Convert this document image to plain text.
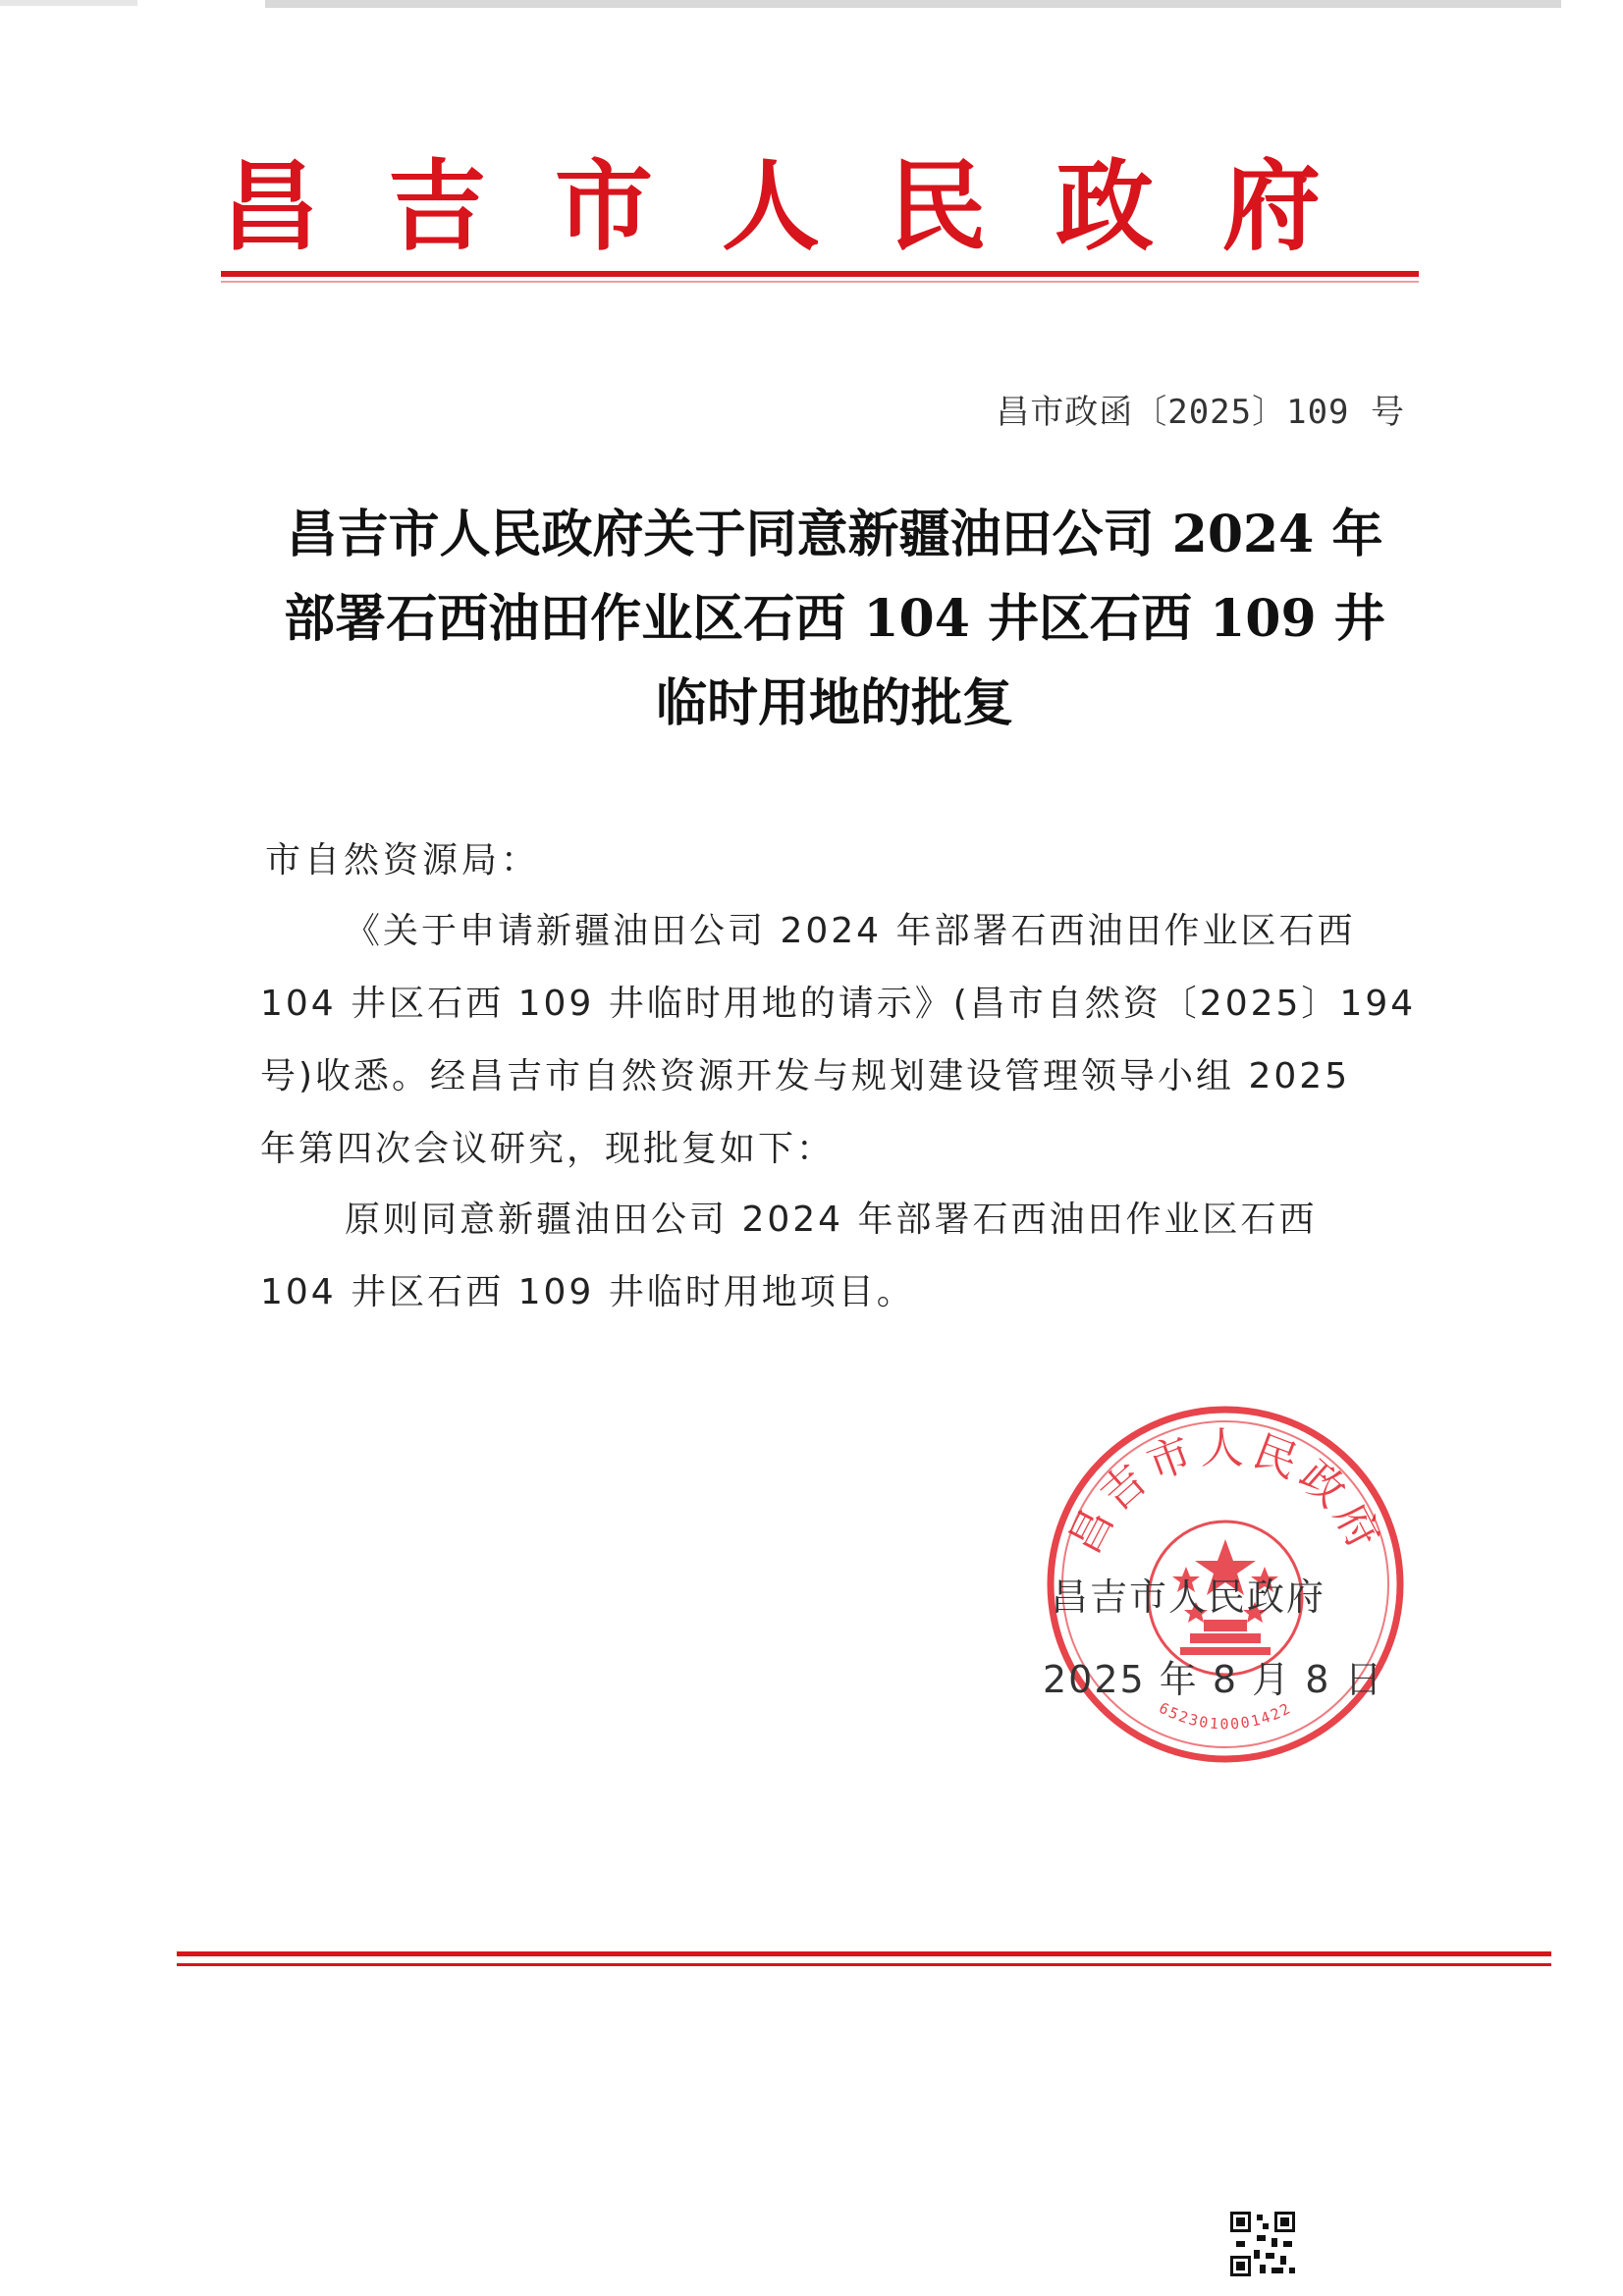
昌 吉 市 人 民 政 府
昌市政函〔2025〕109 号
昌吉市人民政府关于同意新疆油田公司 2024 年
部署石西油田作业区石西 104 井区石西 109 井
临时用地的批复
市自然资源局：
《关于申请新疆油田公司 2024 年部署石西油田作业区石西
104 井区石西 109 井临时用地的请示》(昌市自然资〔2025〕194
号)收悉。经昌吉市自然资源开发与规划建设管理领导小组 2025
年第四次会议研究，现批复如下：
原则同意新疆油田公司 2024 年部署石西油田作业区石西
104 井区石西 109 井临时用地项目。
昌吉市人民政府
6523010001422
昌吉市人民政府
2025 年 8 月 8 日
